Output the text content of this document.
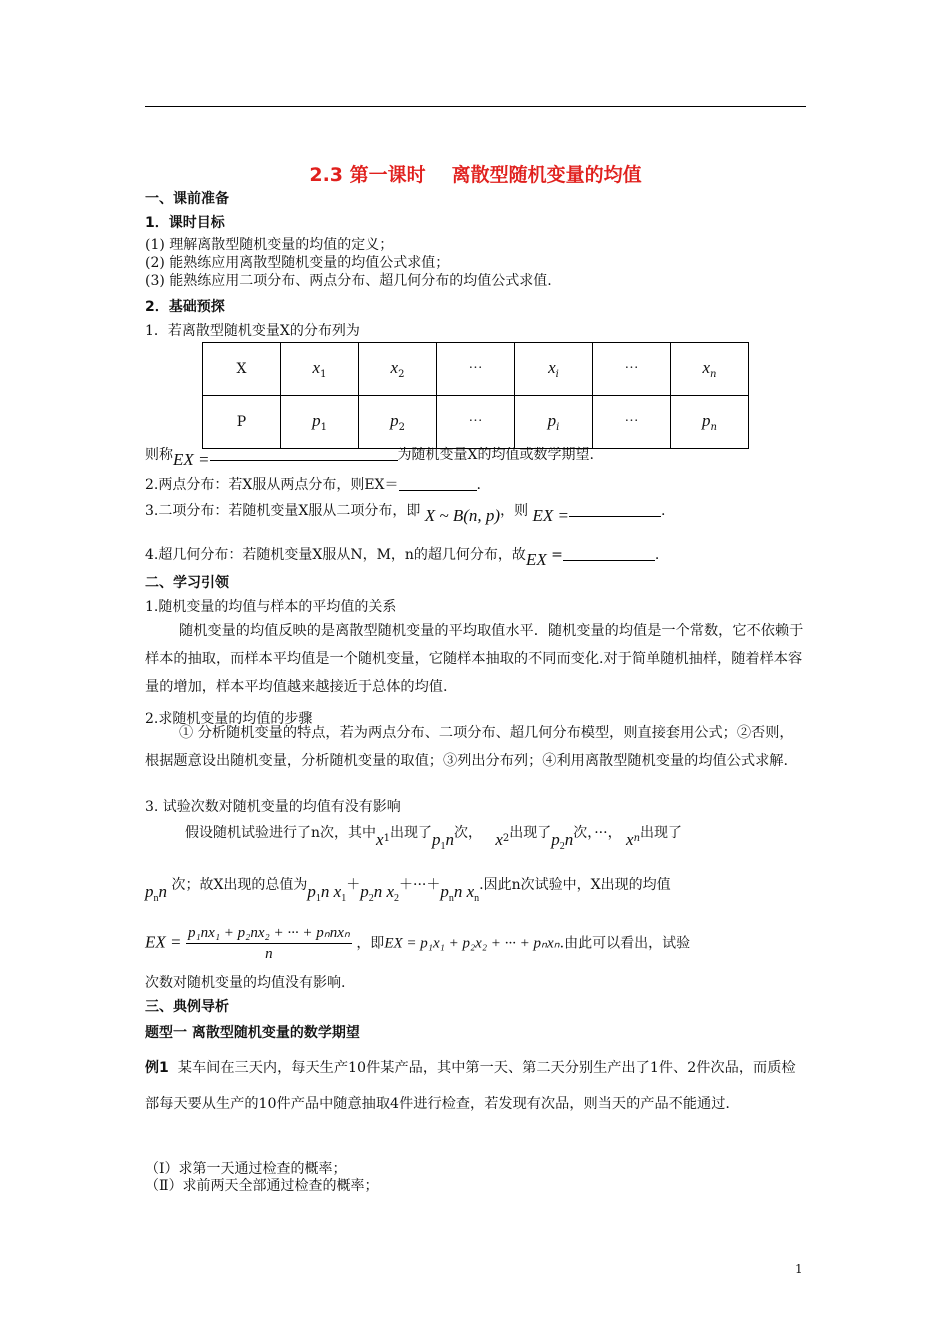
2.3 第一课时 离散型随机变量的均值
一、课前准备
1．课时目标
(1) 理解离散型随机变量的均值的定义；
(2) 能熟练应用离散型随机变量的均值公式求值；
(3) 能熟练应用二项分布、两点分布、超几何分布的均值公式求值.
2．基础预探
1．若离散型随机变量X的分布列为
X	$x_1$	$x_2$	···	$x_i$	···	$x_n$
P	$p_1$	$p_2$	···	$p_i$	···	$p_n$
则称EX =	为随机变量X的均值或数学期望.
2.两点分布：若X服从两点分布，则EX＝	.
3.二项分布：若随机变量X服从二项分布，即 X ~ B(n, p)，则 EX =	.
4.超几何分布：若随机变量X服从N，M，n的超几何分布，故EX =	.
二、学习引领
1.随机变量的均值与样本的平均值的关系
随机变量的均值反映的是离散型随机变量的平均取值水平．随机变量的均值是一个常数，它不依赖于样本的抽取，而样本平均值是一个随机变量，它随样本抽取的不同而变化.对于简单随机抽样，随着样本容量的增加，样本平均值越来越接近于总体的均值.
2.求随机变量的均值的步骤
① 分析随机变量的特点，若为两点分布、二项分布、超几何分布模型，则直接套用公式；②否则，根据题意设出随机变量，分析随机变量的取值；③列出分布列；④利用离散型随机变量的均值公式求解.
3. 试验次数对随机变量的均值有没有影响
假设随机试验进行了n次，其中$x_1$出现了$p_1n$次， $x_2$出现了$p_2n$次，···， $x_n$出现了
$p_nn$ 次；故X出现的总值为$p_1n$ $x_1+p_2n$ $x_2+\cdot\cdot\cdot+p_nn$ $x_n$.因此n次试验中，X出现的均值
EX = $\frac{\text{p₁nx₁ + p₂nx₂ + ··· + pₙnxₙ}}{n}$ ，即EX = p₁x₁ + p₂x₂ + ··· + pₙxₙ.由此可以看出，试验
次数对随机变量的均值没有影响.
三、典例导析
题型一 离散型随机变量的数学期望
例1 某车间在三天内，每天生产10件某产品，其中第一天、第二天分别生产出了1件、2件次品，而质检部每天要从生产的10件产品中随意抽取4件进行检查，若发现有次品，则当天的产品不能通过.
（Ⅰ）求第一天通过检查的概率；
（Ⅱ）求前两天全部通过检查的概率；
1
